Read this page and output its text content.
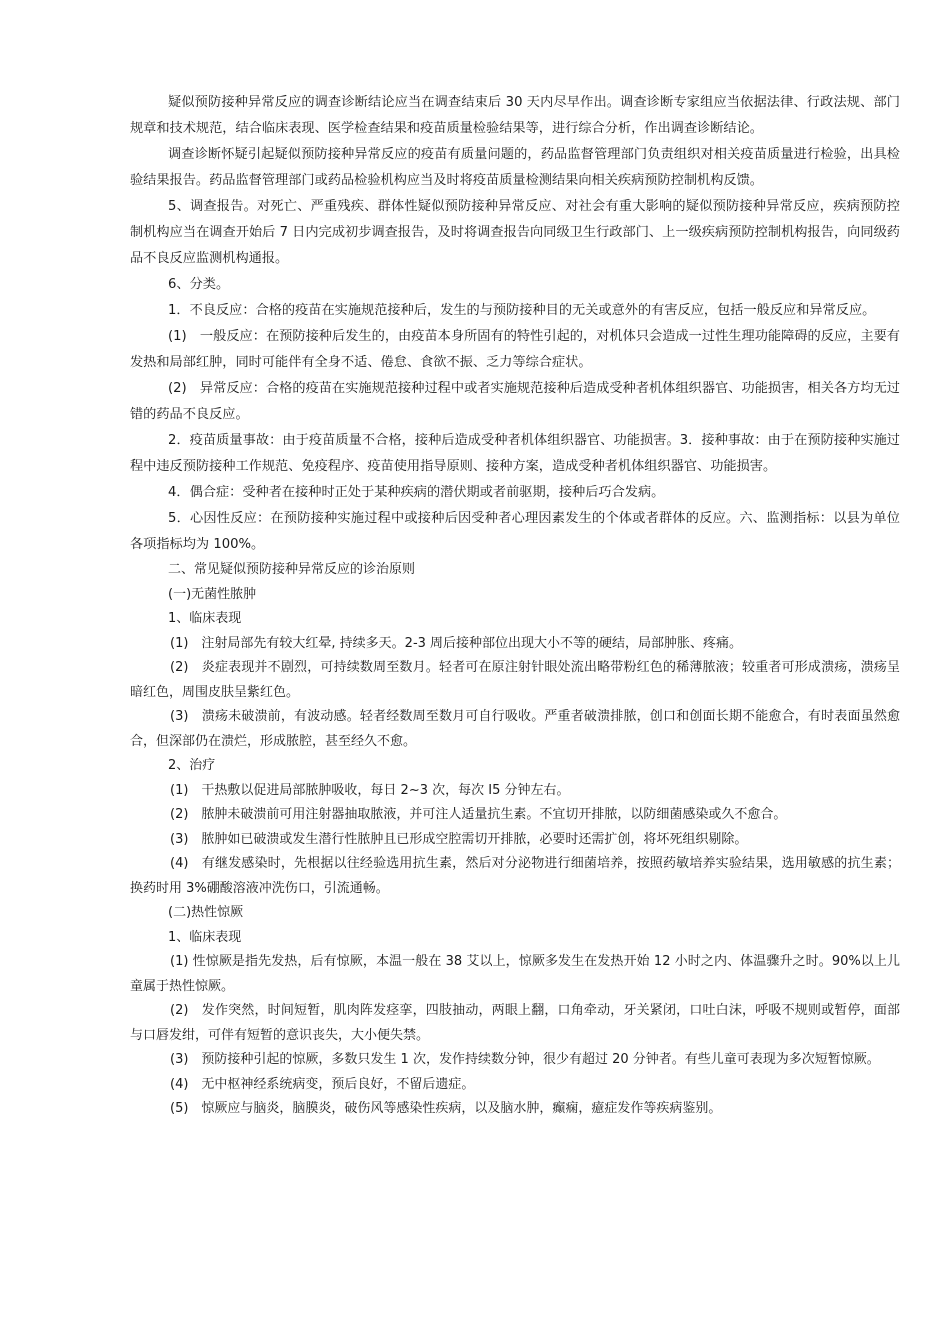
疑似预防接种异常反应的调查诊断结论应当在调查结束后 30 天内尽早作出。调查诊断专家组应当依据法律、行政法规、部门规章和技术规范，结合临床表现、医学检查结果和疫苗质量检验结果等，进行综合分析，作出调查诊断结论。

调查诊断怀疑引起疑似预防接种异常反应的疫苗有质量问题的，药品监督管理部门负责组织对相关疫苗质量进行检验，出具检验结果报告。药品监督管理部门或药品检验机构应当及时将疫苗质量检测结果向相关疾病预防控制机构反馈。

5、调查报告。对死亡、严重残疾、群体性疑似预防接种异常反应、对社会有重大影响的疑似预防接种异常反应，疾病预防控制机构应当在调查开始后 7 日内完成初步调查报告，及时将调查报告向同级卫生行政部门、上一级疾病预防控制机构报告，向同级药品不良反应监测机构通报。

6、分类。

1．不良反应：合格的疫苗在实施规范接种后，发生的与预防接种目的无关或意外的有害反应，包括一般反应和异常反应。

(1)　一般反应：在预防接种后发生的，由疫苗本身所固有的特性引起的，对机体只会造成一过性生理功能障碍的反应，主要有发热和局部红肿，同时可能伴有全身不适、倦怠、食欲不振、乏力等综合症状。

(2)　异常反应：合格的疫苗在实施规范接种过程中或者实施规范接种后造成受种者机体组织器官、功能损害，相关各方均无过错的药品不良反应。

2．疫苗质量事故：由于疫苗质量不合格，接种后造成受种者机体组织器官、功能损害。3．接种事故：由于在预防接种实施过程中违反预防接种工作规范、免疫程序、疫苗使用指导原则、接种方案，造成受种者机体组织器官、功能损害。

4．偶合症：受种者在接种时正处于某种疾病的潜伏期或者前驱期，接种后巧合发病。

5．心因性反应：在预防接种实施过程中或接种后因受种者心理因素发生的个体或者群体的反应。六、监测指标：以县为单位各项指标均为 100%。

二、常见疑似预防接种异常反应的诊治原则

(一)无菌性脓肿

1、临床表现

(1)　注射局部先有较大红晕, 持续多天。2-3 周后接种部位出现大小不等的硬结，局部肿胀、疼痛。

(2)　炎症表现并不剧烈，可持续数周至数月。轻者可在原注射针眼处流出略带粉红色的稀薄脓液；较重者可形成溃疡，溃疡呈暗红色，周围皮肤呈紫红色。

(3)　溃疡未破溃前，有波动感。轻者经数周至数月可自行吸收。严重者破溃排脓，创口和创面长期不能愈合，有时表面虽然愈合，但深部仍在溃烂，形成脓腔，甚至经久不愈。

2、治疗

(1)　干热敷以促进局部脓肿吸收，每日 2~3 次，每次 I5 分钟左右。

(2)　脓肿未破溃前可用注射器抽取脓液，并可注人适量抗生素。不宜切开排脓，以防细菌感染或久不愈合。

(3)　脓肿如已破溃或发生潜行性脓肿且已形成空腔需切开排脓，必要时还需扩创，将坏死组织剔除。

(4)　有继发感染时，先根据以往经验选用抗生素，然后对分泌物进行细菌培养，按照药敏培养实验结果，选用敏感的抗生素；换药时用 3%硼酸溶液冲洗伤口，引流通畅。

(二)热性惊厥

1、临床表现

(1) 性惊厥是指先发热，后有惊厥，本温一般在 38 艾以上，惊厥多发生在发热开始 12 小时之内、体温骤升之时。90%以上儿童属于热性惊厥。

(2)　发作突然，时间短暂，肌肉阵发痉挛，四肢抽动，两眼上翻，口角牵动，牙关紧闭，口吐白沫，呼吸不规则或暂停，面部与口唇发绀，可伴有短暂的意识丧失，大小便失禁。

(3)　预防接种引起的惊厥，多数只发生 1 次，发作持续数分钟，很少有超过 20 分钟者。有些儿童可表现为多次短暂惊厥。

(4)　无中枢神经系统病变，预后良好，不留后遗症。

(5)　惊厥应与脑炎，脑膜炎，破伤风等感染性疾病，以及脑水肿，癫痫，癔症发作等疾病鉴别。
